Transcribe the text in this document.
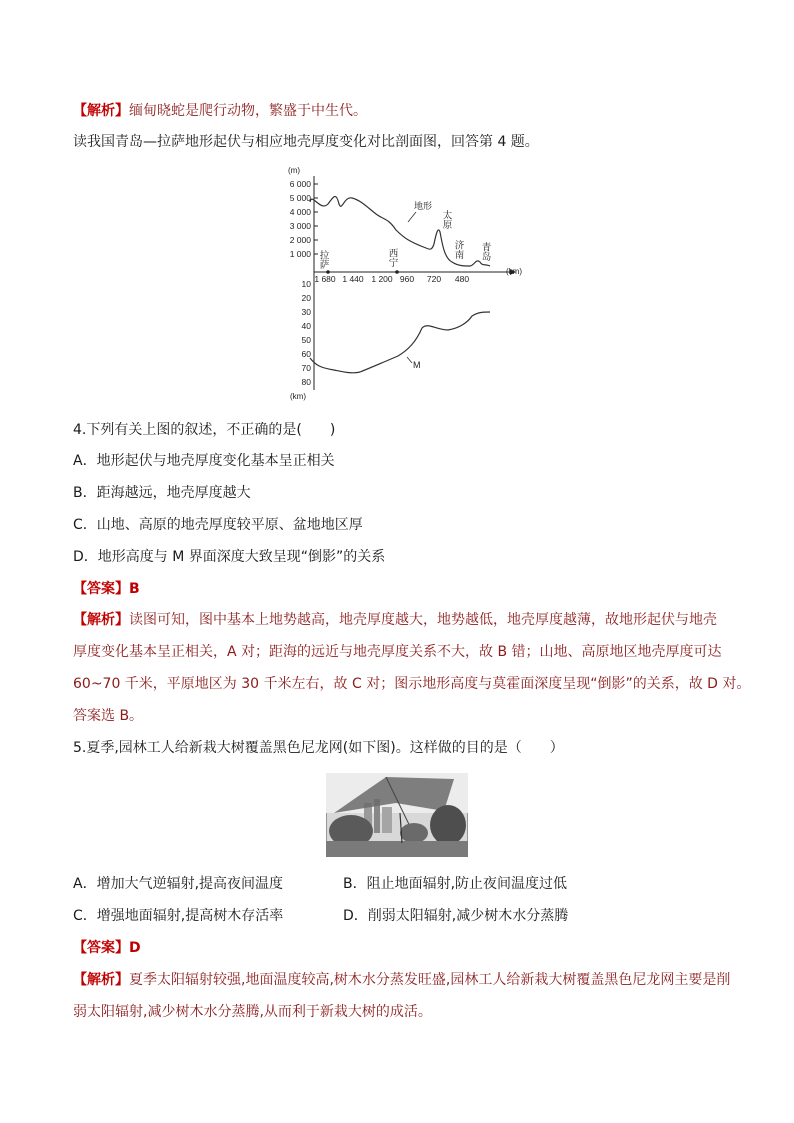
【解析】缅甸晓蛇是爬行动物，繁盛于中生代。
读我国青岛—拉萨地形起伏与相应地壳厚度变化对比剖面图，回答第 4 题。
(m)
6 000
5 000
4 000
3 000
2 000
1 000
1 680 1 440 1 200 960 720 480
(km)
10
20
30
40
50
60
70
80
(km)
地形
M
拉萨	西宁
太原
济南 青岛
4.下列有关上图的叙述，不正确的是(　　)
A．地形起伏与地壳厚度变化基本呈正相关
B．距海越远，地壳厚度越大
C．山地、高原的地壳厚度较平原、盆地地区厚
D．地形高度与 M 界面深度大致呈现“倒影”的关系
【答案】B
【解析】读图可知，图中基本上地势越高，地壳厚度越大，地势越低，地壳厚度越薄，故地形起伏与地壳
厚度变化基本呈正相关，A 对；距海的远近与地壳厚度关系不大，故 B 错；山地、高原地区地壳厚度可达
60~70 千米，平原地区为 30 千米左右，故 C 对；图示地形高度与莫霍面深度呈现“倒影”的关系，故 D 对。
答案选 B。
5.夏季,园林工人给新栽大树覆盖黑色尼龙网(如下图)。这样做的目的是（　　）
A．增加大气逆辐射,提高夜间温度	B．阻止地面辐射,防止夜间温度过低
C．增强地面辐射,提高树木存活率	D．削弱太阳辐射,减少树木水分蒸腾
【答案】D
【解析】夏季太阳辐射较强,地面温度较高,树木水分蒸发旺盛,园林工人给新栽大树覆盖黑色尼龙网主要是削
弱太阳辐射,减少树木水分蒸腾,从而利于新栽大树的成活。
